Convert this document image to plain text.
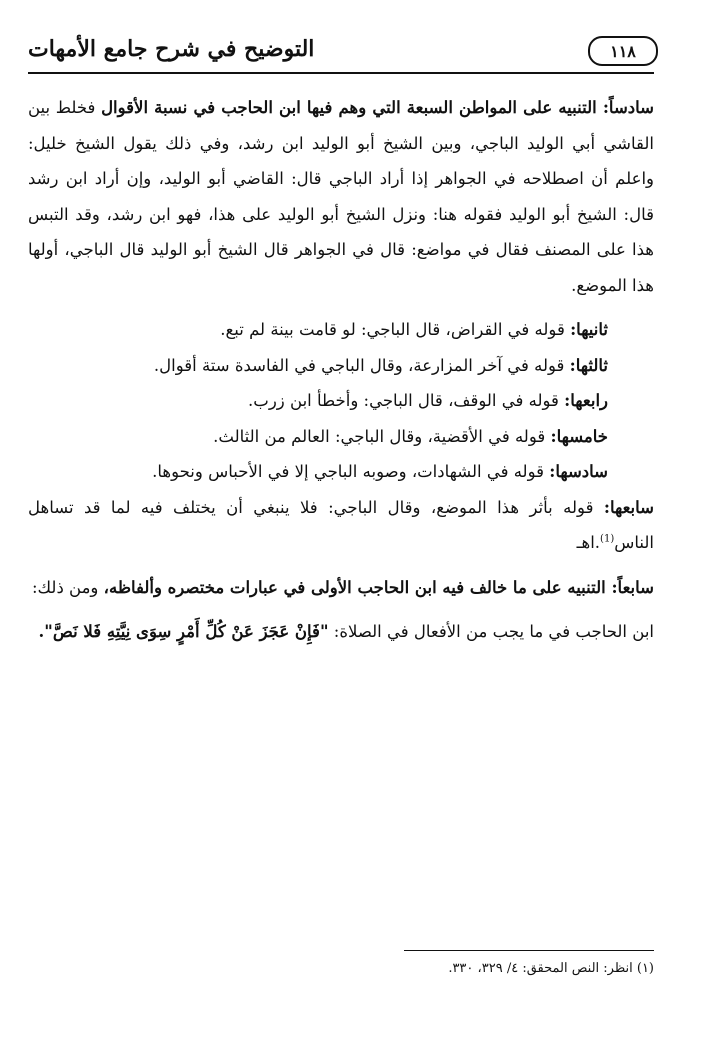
التوضيح في شرح جامع الأمهات	١١٨

سادساً: التنبيه على المواطن السبعة التي وهم فيها ابن الحاجب في نسبة الأقوال فخلط بين القاشي أبي الوليد الباجي، وبين الشيخ أبو الوليد ابن رشد، وفي ذلك يقول الشيخ خليل: واعلم أن اصطلاحه في الجواهر إذا أراد الباجي قال: القاضي أبو الوليد، وإن أراد ابن رشد قال: الشيخ أبو الوليد فقوله هنا: ونزل الشيخ أبو الوليد على هذا، فهو ابن رشد، وقد التبس هذا على المصنف فقال في مواضع: قال في الجواهر قال الشيخ أبو الوليد قال الباجي، أولها هذا الموضع.

ثانيها: قوله في القراض، قال الباجي: لو قامت بينة لم تبع.

ثالثها: قوله في آخر المزارعة، وقال الباجي في الفاسدة ستة أقوال.

رابعها: قوله في الوقف، قال الباجي: وأخطأ ابن زرب.

خامسها: قوله في الأقضية، وقال الباجي: العالم من الثالث.

سادسها: قوله في الشهادات، وصوبه الباجي إلا في الأحباس ونحوها.

سابعها: قوله بأثر هذا الموضع، وقال الباجي: فلا ينبغي أن يختلف فيه لما قد تساهل الناس$^{(1)}$.اهـ

سابعاً: التنبيه على ما خالف فيه ابن الحاجب الأولى في عبارات مختصره وألفاظه، ومن ذلك:

ابن الحاجب في ما يجب من الأفعال في الصلاة: "فَإِنْ عَجَزَ عَنْ كُلِّ أَمْرٍ سِوَى نِيَّتِهِ فَلا نَصَّ".

(١) انظر: النص المحقق: ٤/ ٣٢٩، ٣٣٠.
